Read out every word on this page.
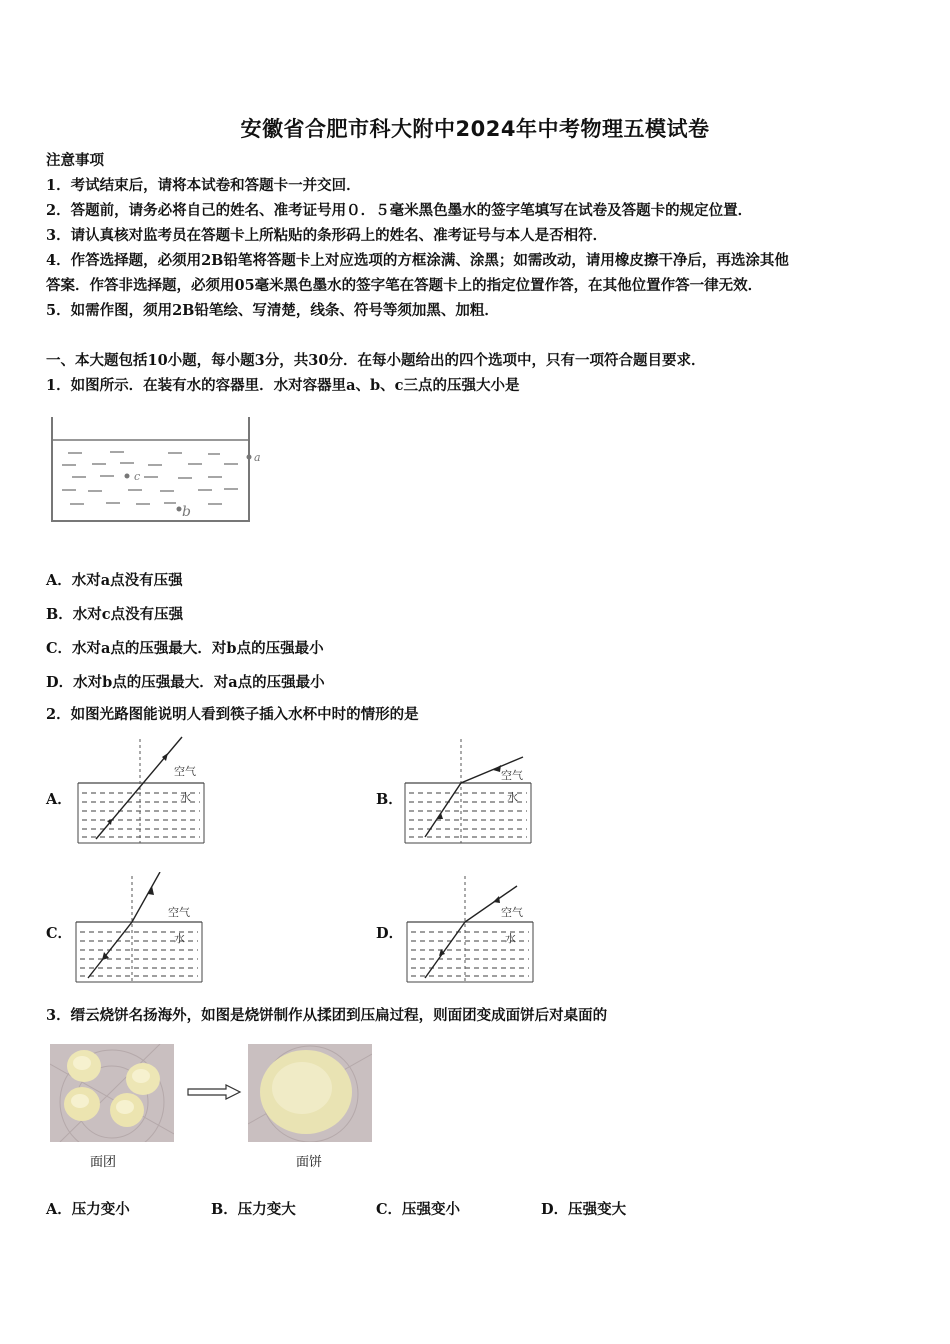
安徽省合肥市科大附中2024年中考物理五模试卷
注意事项
1．考试结束后，请将本试卷和答题卡一并交回．
2．答题前，请务必将自己的姓名、准考证号用０．５毫米黑色墨水的签字笔填写在试卷及答题卡的规定位置．
3．请认真核对监考员在答题卡上所粘贴的条形码上的姓名、准考证号与本人是否相符．
4．作答选择题，必须用2B铅笔将答题卡上对应选项的方框涂满、涂黑；如需改动，请用橡皮擦干净后，再选涂其他
答案．作答非选择题，必须用05毫米黑色墨水的签字笔在答题卡上的指定位置作答，在其他位置作答一律无效．
5．如需作图，须用2B铅笔绘、写清楚，线条、符号等须加黑、加粗．
一、本大题包括10小题，每小题3分，共30分．在每小题给出的四个选项中，只有一项符合题目要求．
1．如图所示．在装有水的容器里．水对容器里a、b、c三点的压强大小是
c
a
b
A．水对a点没有压强
B．水对c点没有压强
C．水对a点的压强最大．对b点的压强最小
D．水对b点的压强最大．对a点的压强最小
2．如图光路图能说明人看到筷子插入水杯中时的情形的是
A．	B．
C．	D．
空气
水
空气
水
空气
水
空气
水
3．缙云烧饼名扬海外，如图是烧饼制作从揉团到压扁过程，则面团变成面饼后对桌面的
面团	面饼
A．压力变小	B．压力变大	C．压强变小	D．压强变大
